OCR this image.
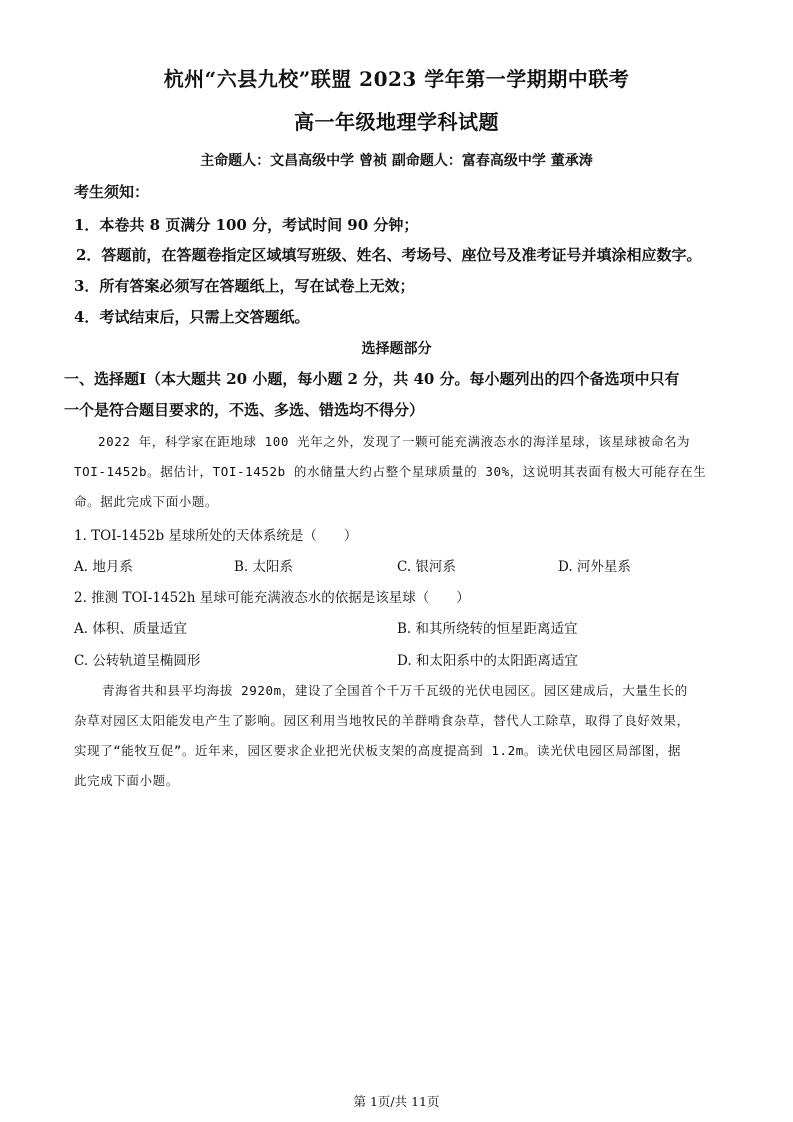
杭州“六县九校”联盟 2023 学年第一学期期中联考
高一年级地理学科试题
主命题人：文昌高级中学 曾祯 副命题人：富春高级中学 董承涛
考生须知：
1．本卷共 8 页满分 100 分，考试时间 90 分钟；
2．答题前，在答题卷指定区域填写班级、姓名、考场号、座位号及准考证号并填涂相应数字。
3．所有答案必须写在答题纸上，写在试卷上无效；
4．考试结束后，只需上交答题纸。
选择题部分
一、选择题Ⅰ（本大题共 20 小题，每小题 2 分，共 40 分。每小题列出的四个备选项中只有
一个是符合题目要求的，不选、多选、错选均不得分）
2022 年，科学家在距地球 100 光年之外，发现了一颗可能充满液态水的海洋星球，该星球被命名为
TOI-1452b。据估计，TOI-1452b 的水储量大约占整个星球质量的 30%，这说明其表面有极大可能存在生
命。据此完成下面小题。
1. TOI-1452b 星球所处的天体系统是（　　）
A. 地月系	B. 太阳系	C. 银河系	D. 河外星系
2. 推测 TOI-1452h 星球可能充满液态水的依据是该星球（　　）
A. 体积、质量适宜	B. 和其所绕转的恒星距离适宜
C. 公转轨道呈椭圆形	D. 和太阳系中的太阳距离适宜
青海省共和县平均海拔 2920m，建设了全国首个千万千瓦级的光伏电园区。园区建成后，大量生长的
杂草对园区太阳能发电产生了影响。园区利用当地牧民的羊群啃食杂草，替代人工除草，取得了良好效果，
实现了“能牧互促”。近年来，园区要求企业把光伏板支架的高度提高到 1.2m。读光伏电园区局部图，据
此完成下面小题。
第 1页/共 11页
